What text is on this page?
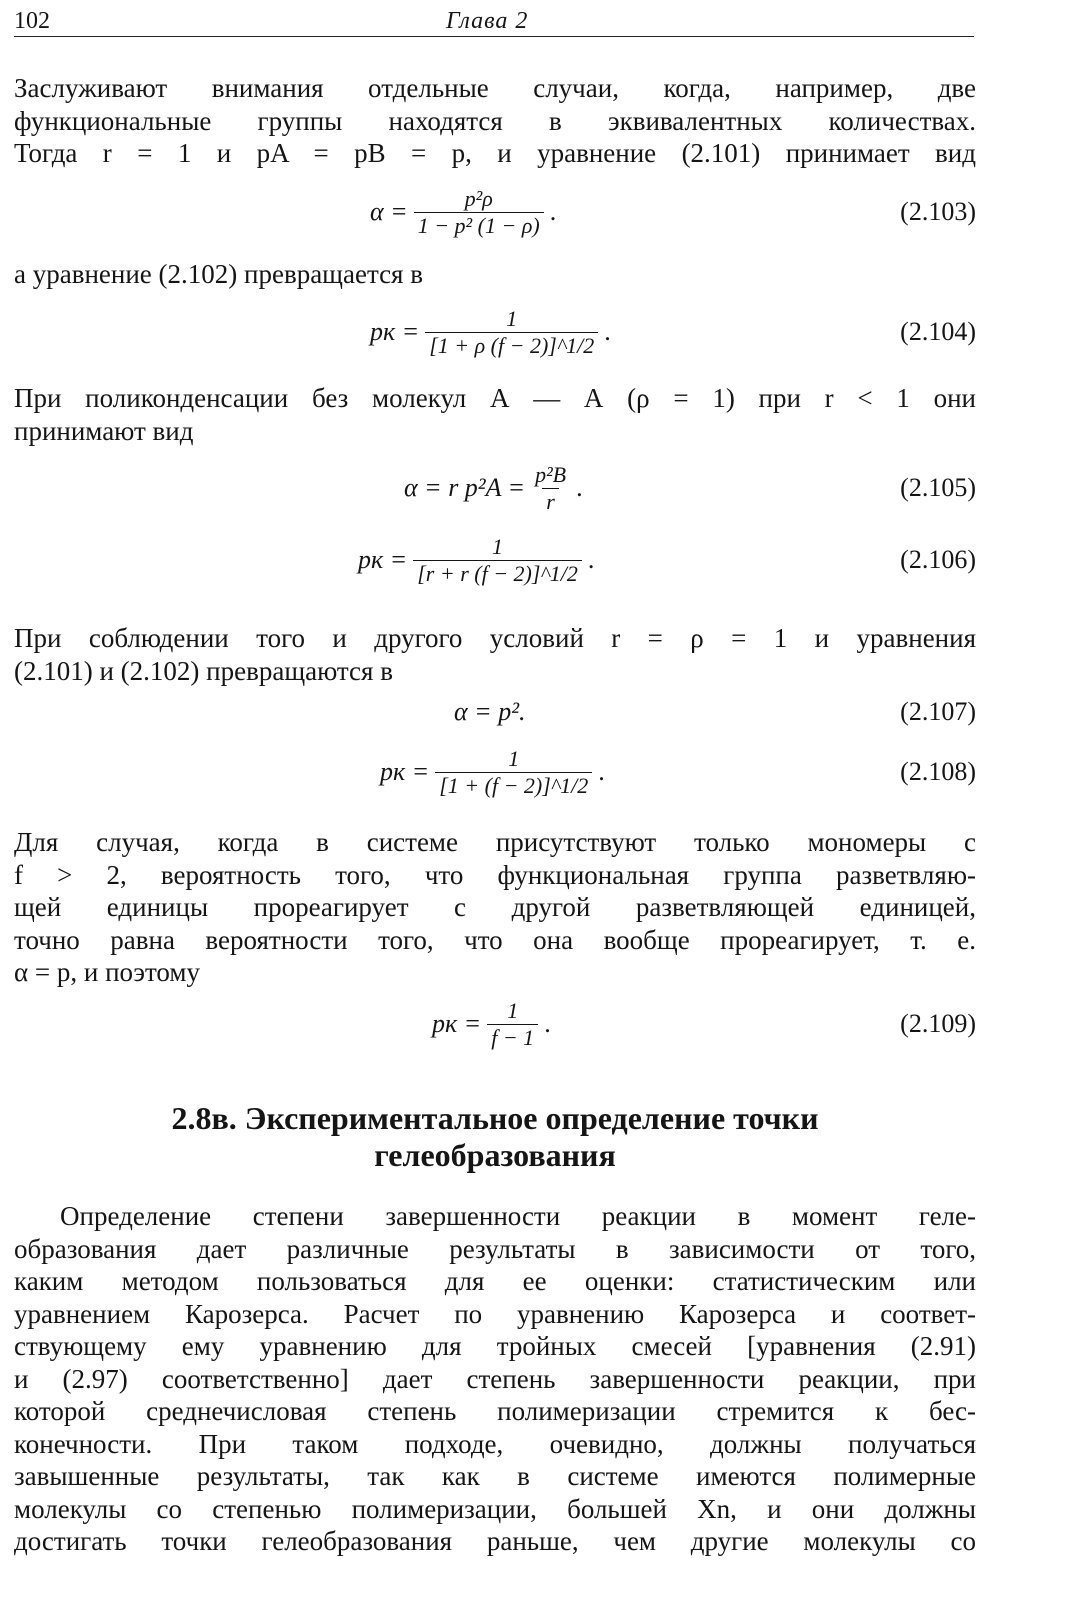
102	Глава 2
Заслуживают внимания отдельные случаи, когда, например, две
функциональные группы находятся в эквивалентных количествах.
Тогда r = 1 и pA = pB = p, и уравнение (2.101) принимает вид
$\alpha = \frac{\text{p²ρ}}{\text{1 − p² (1 − ρ)}}$ .	(2.103)
а уравнение (2.102) превращается в
pк = $\frac{1}{[1 + \rho (f - 2)]\^{}1/2}$ .	(2.104)
При поликонденсации без молекул А — А (ρ = 1) при r < 1 они
принимают вид
α = r $p^2A = \frac{\text{p²B}}{r}$ .	(2.105)
pк = $\frac{1}{[r + r (f - 2)]\^{}1/2}$ .	(2.106)
При соблюдении того и другого условий r = ρ = 1 и уравнения
(2.101) и (2.102) превращаются в
α = p².	(2.107)
pк = $\frac{1}{[1 + (f - 2)]\^{}1/2}$ .	(2.108)
Для случая, когда в системе присутствуют только мономеры с
f > 2, вероятность того, что функциональная группа разветвляю-
щей единицы прореагирует с другой разветвляющей единицей,
точно равна вероятности того, что она вообще прореагирует, т. е.
α = p, и поэтому
pк = $\frac{1}{f - 1}$ .	(2.109)
2.8в. Экспериментальное определение точки
гелеобразования
Определение степени завершенности реакции в момент геле-
образования дает различные результаты в зависимости от того,
каким методом пользоваться для ее оценки: статистическим или
уравнением Карозерса. Расчет по уравнению Карозерса и соответ-
ствующему ему уравнению для тройных смесей [уравнения (2.91)
и (2.97) соответственно] дает степень завершенности реакции, при
которой среднечисловая степень полимеризации стремится к бес-
конечности. При таком подходе, очевидно, должны получаться
завышенные результаты, так как в системе имеются полимерные
молекулы со степенью полимеризации, большей Xn, и они должны
достигать точки гелеобразования раньше, чем другие молекулы со
